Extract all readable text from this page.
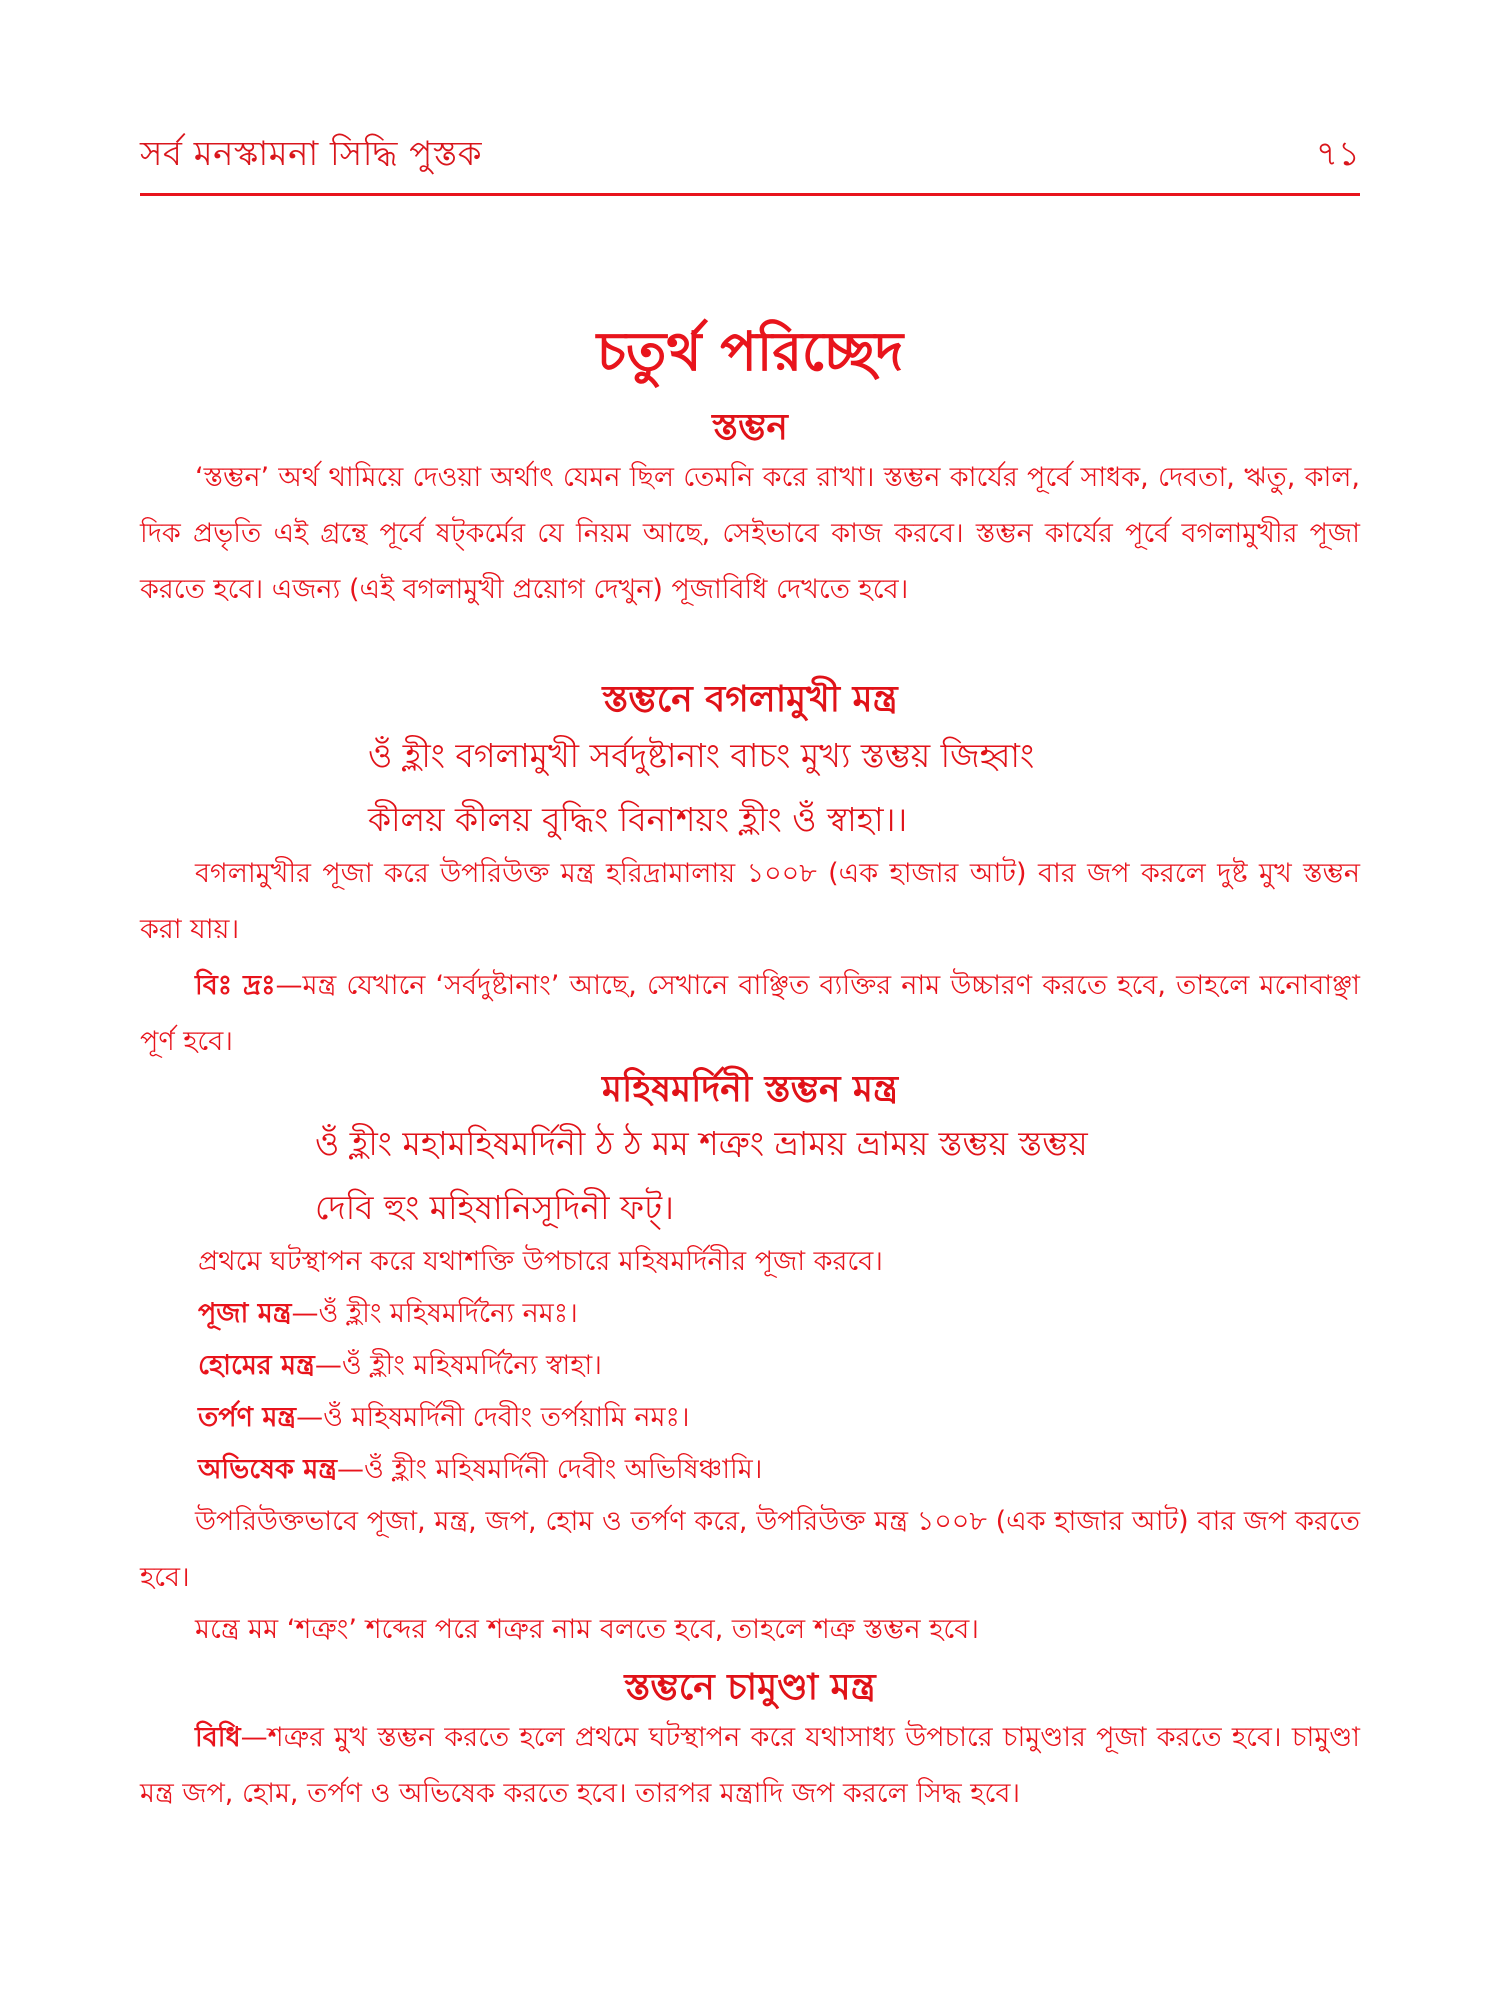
সর্ব মনস্কামনা সিদ্ধি পুস্তক	৭১
চতুর্থ পরিচ্ছেদ
স্তম্ভন

‘স্তম্ভন’ অর্থ থামিয়ে দেওয়া অর্থাৎ যেমন ছিল তেমনি করে রাখা। স্তম্ভন কার্যের পূর্বে সাধক, দেবতা, ঋতু, কাল, দিক প্রভৃতি এই গ্রন্থে পূর্বে ষট্‌কর্মের যে নিয়ম আছে, সেইভাবে কাজ করবে। স্তম্ভন কার্যের পূর্বে বগলামুখীর পূজা করতে হবে। এজন্য (এই বগলামুখী প্রয়োগ দেখুন) পূজাবিধি দেখতে হবে।

স্তম্ভনে বগলামুখী মন্ত্র
ওঁ হ্লীং বগলামুখী সর্বদুষ্টানাং বাচং মুখ্য স্তম্ভয় জিহ্বাং
কীলয় কীলয় বুদ্ধিং বিনাশয়ং হ্লীং ওঁ স্বাহা।।

বগলামুখীর পূজা করে উপরিউক্ত মন্ত্র হরিদ্রামালায় ১০০৮ (এক হাজার আট) বার জপ করলে দুষ্ট মুখ স্তম্ভন করা যায়।

বিঃ দ্রঃ—মন্ত্র যেখানে ‘সর্বদুষ্টানাং’ আছে, সেখানে বাঞ্ছিত ব্যক্তির নাম উচ্চারণ করতে হবে, তাহলে মনোবাঞ্ছা পূর্ণ হবে।

মহিষমর্দিনী স্তম্ভন মন্ত্র
ওঁ হ্লীং মহামহিষমর্দিনী ঠ ঠ মম শত্রুং ভ্রাময় ভ্রাময় স্তম্ভয় স্তম্ভয়
দেবি হুং মহিষানিসূদিনী ফট্‌।
প্রথমে ঘটস্থাপন করে যথাশক্তি উপচারে মহিষমর্দিনীর পূজা করবে।
পূজা মন্ত্র—ওঁ হ্লীং মহিষমর্দিন্যৈ নমঃ।
হোমের মন্ত্র—ওঁ হ্লীং মহিষমর্দিন্যৈ স্বাহা।
তর্পণ মন্ত্র—ওঁ মহিষমর্দিনী দেবীং তর্পয়ামি নমঃ।
অভিষেক মন্ত্র—ওঁ হ্লীং মহিষমর্দিনী দেবীং অভিষিঞ্চামি।

উপরিউক্তভাবে পূজা, মন্ত্র, জপ, হোম ও তর্পণ করে, উপরিউক্ত মন্ত্র ১০০৮ (এক হাজার আট) বার জপ করতে হবে।

মন্ত্রে মম ‘শত্রুং’ শব্দের পরে শত্রুর নাম বলতে হবে, তাহলে শত্রু স্তম্ভন হবে।
স্তম্ভনে চামুণ্ডা মন্ত্র

বিধি—শত্রুর মুখ স্তম্ভন করতে হলে প্রথমে ঘটস্থাপন করে যথাসাধ্য উপচারে চামুণ্ডার পূজা করতে হবে। চামুণ্ডা মন্ত্র জপ, হোম, তর্পণ ও অভিষেক করতে হবে। তারপর মন্ত্রাদি জপ করলে সিদ্ধ হবে।
